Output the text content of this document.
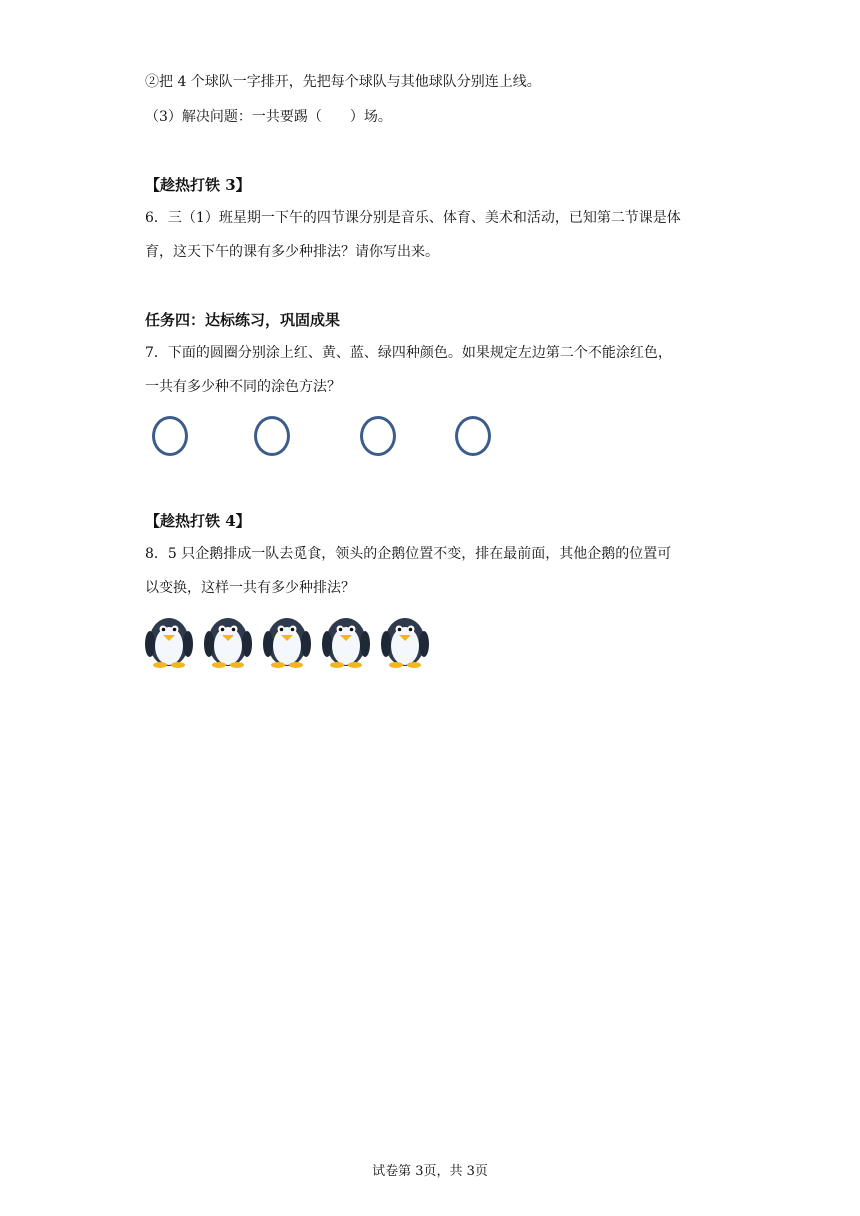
②把 4 个球队一字排开，先把每个球队与其他球队分别连上线。
（3）解决问题：一共要踢（　　）场。
【趁热打铁 3】
6．三（1）班星期一下午的四节课分别是音乐、体育、美术和活动，已知第二节课是体
育，这天下午的课有多少种排法？请你写出来。
任务四：达标练习，巩固成果
7．下面的圆圈分别涂上红、黄、蓝、绿四种颜色。如果规定左边第二个不能涂红色，
一共有多少种不同的涂色方法？
【趁热打铁 4】
8．5 只企鹅排成一队去觅食，领头的企鹅位置不变，排在最前面，其他企鹅的位置可
以变换，这样一共有多少种排法？
试卷第 3页，共 3页
